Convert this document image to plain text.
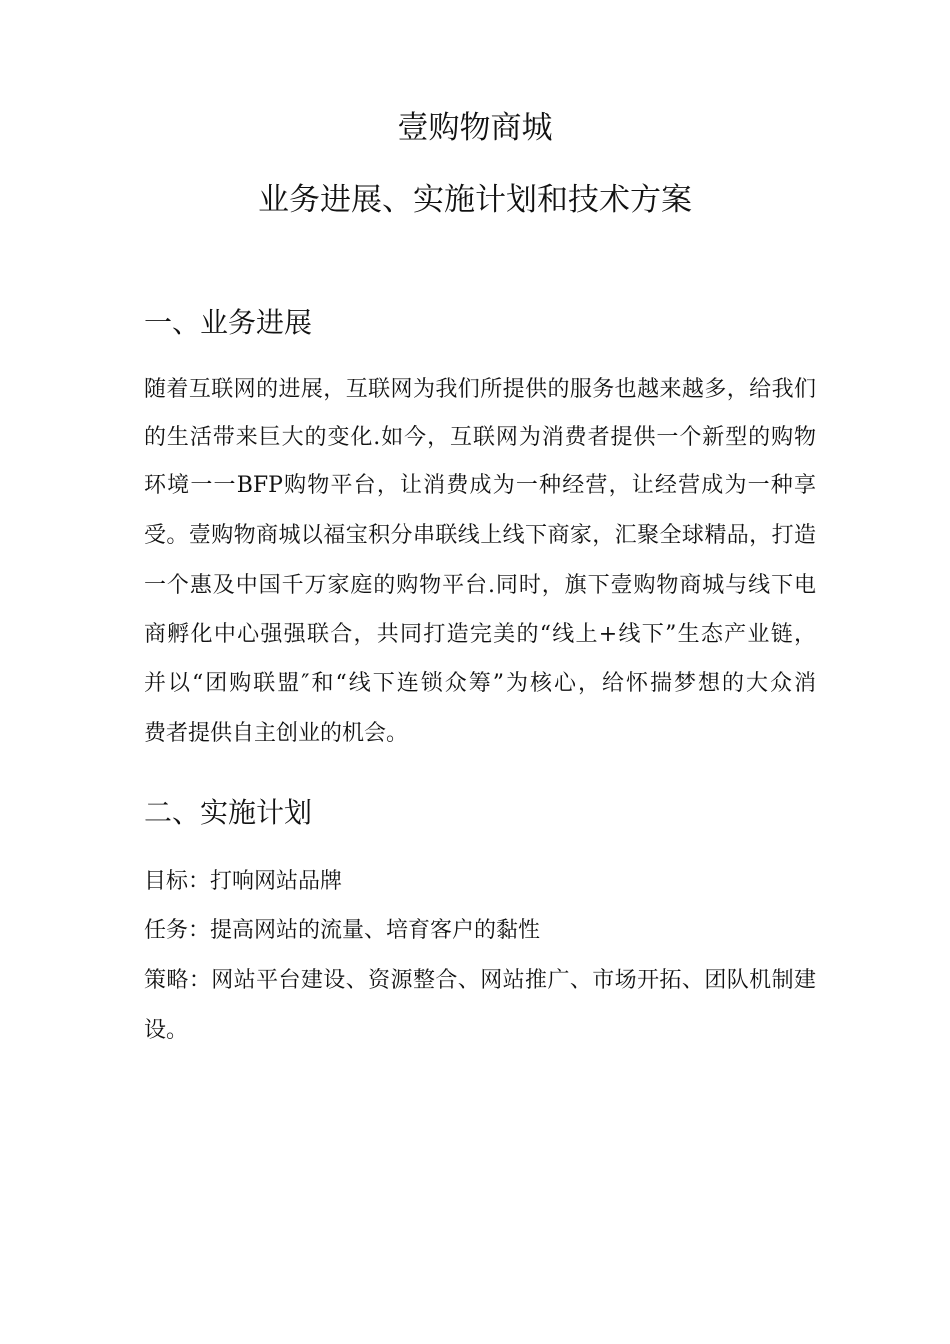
壹购物商城
业务进展、实施计划和技术方案
一、业务进展

随着互联网的进展，互联网为我们所提供的服务也越来越多，给我们

的生活带来巨大的变化.如今，互联网为消费者提供一个新型的购物

环境一一BFP购物平台，让消费成为一种经营，让经营成为一种享

受。壹购物商城以福宝积分串联线上线下商家，汇聚全球精品，打造

一个惠及中国千万家庭的购物平台.同时，旗下壹购物商城与线下电

商孵化中心强强联合，共同打造完美的“线上+线下”生态产业链，

并以“团购联盟″和“线下连锁众筹”为核心，给怀揣梦想的大众消

费者提供自主创业的机会。

二、实施计划

目标：打响网站品牌

任务：提高网站的流量、培育客户的黏性

策略：网站平台建设、资源整合、网站推广、市场开拓、团队机制建

设。
